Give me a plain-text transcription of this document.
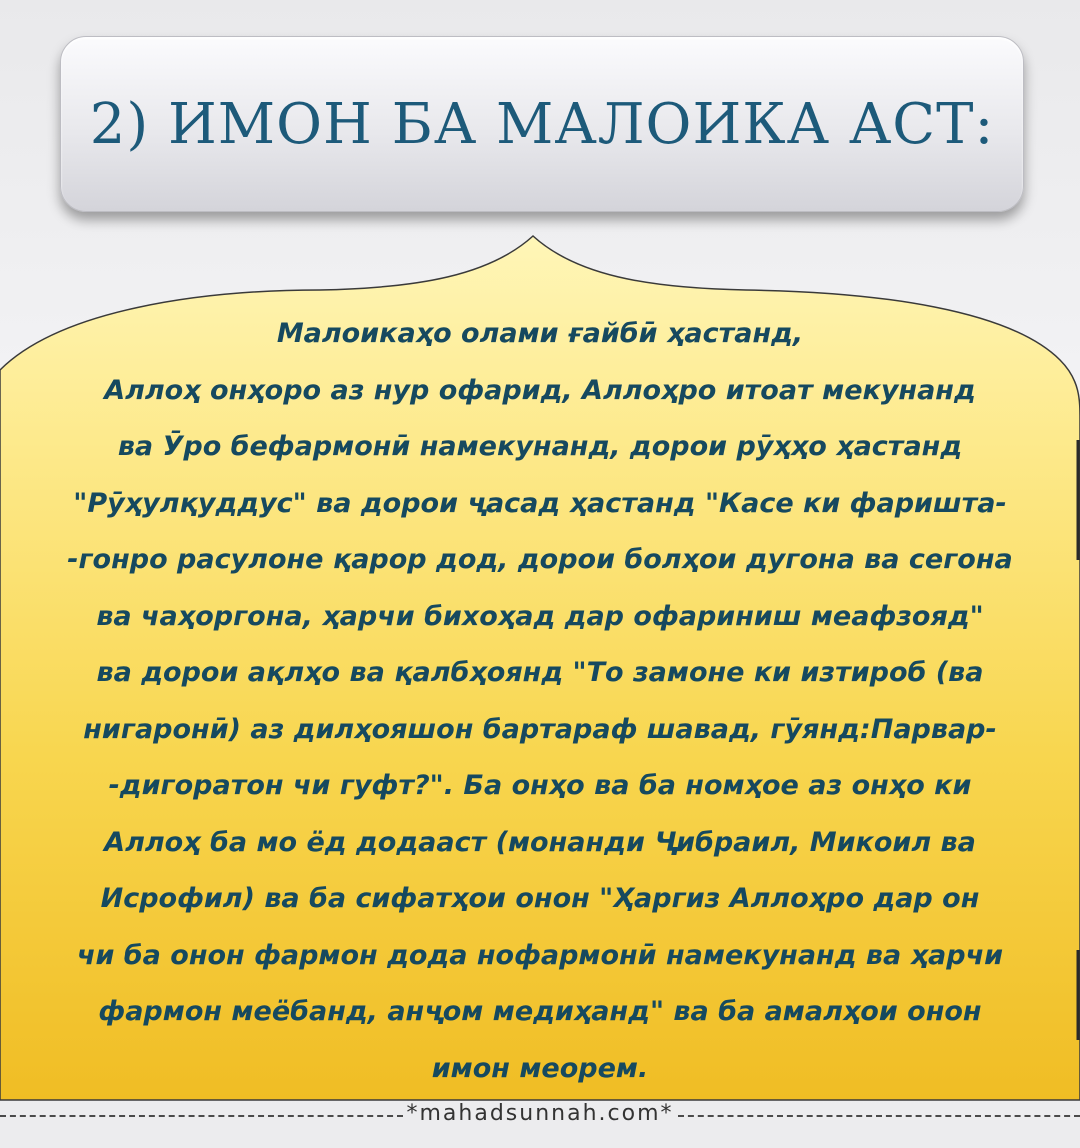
2) ИМОН БА МАЛОИКА АСТ:
Малоикаҳо олами ғайбӣ ҳастанд,
Аллоҳ онҳоро аз нур офарид, Аллоҳро итоат мекунанд
ва Ӯро бефармонӣ намекунанд, дорои рӯҳҳо ҳастанд
"Рӯҳулқуддус" ва дорои ҷасад ҳастанд "Касе ки фаришта-
-гонро расулоне қарор дод, дорои болҳои дугона ва сегона
ва чаҳоргона, ҳарчи бихоҳад дар офариниш меафзояд"
ва дорои ақлҳо ва қалбҳоянд "То замоне ки изтироб (ва
нигаронӣ) аз дилҳояшон бартараф шавад, гӯянд:Парвар-
-дигоратон чи гуфт?". Ба онҳо ва ба номҳое аз онҳо ки
Аллоҳ ба мо ёд додааст (монанди Ҷибраил, Микоил ва
Исрофил) ва ба сифатҳои онон "Ҳаргиз Аллоҳро дар он
чи ба онон фармон дода нофармонӣ намекунанд ва ҳарчи
фармон меёбанд, анҷом медиҳанд" ва ба амалҳои онон
имон меорем.
*mahadsunnah.com*
